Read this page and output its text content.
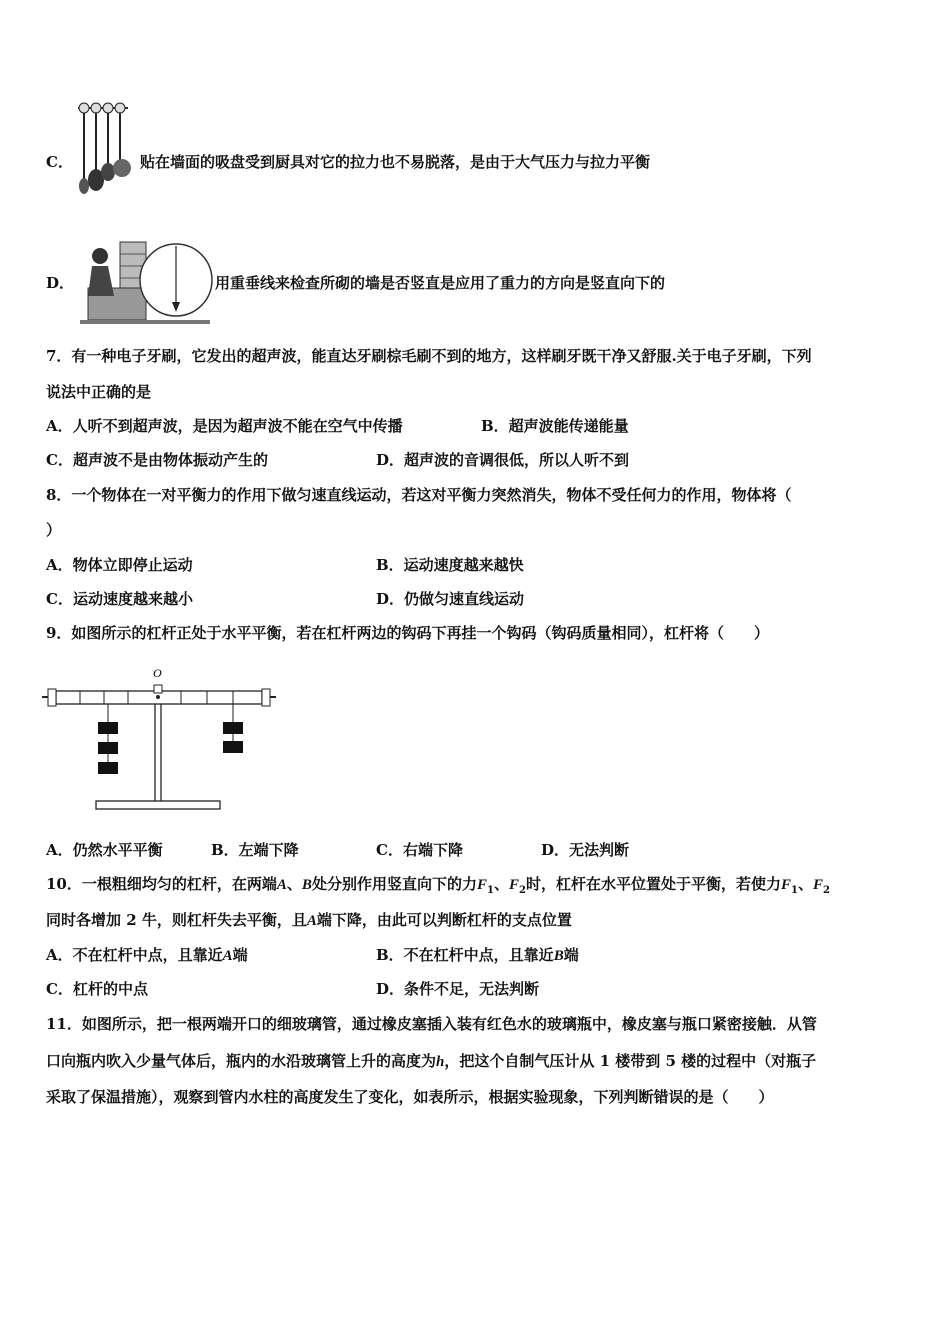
C．	贴在墙面的吸盘受到厨具对它的拉力也不易脱落，是由于大气压力与拉力平衡
D．	用重垂线来检查所砌的墙是否竖直是应用了重力的方向是竖直向下的
7．有一种电子牙刷，它发出的超声波，能直达牙刷棕毛刷不到的地方，这样刷牙既干净又舒服.关于电子牙刷，下列
说法中正确的是
A．人听不到超声波，是因为超声波不能在空气中传播	B．超声波能传递能量
C．超声波不是由物体振动产生的	D．超声波的音调很低，所以人听不到
8．一个物体在一对平衡力的作用下做匀速直线运动，若这对平衡力突然消失，物体不受任何力的作用，物体将（
）
A．物体立即停止运动	B．运动速度越来越快
C．运动速度越来越小	D．仍做匀速直线运动
9．如图所示的杠杆正处于水平平衡，若在杠杆两边的钩码下再挂一个钩码（钩码质量相同），杠杆将（　　）
O
A．仍然水平平衡	B．左端下降	C．右端下降	D．无法判断
10．一根粗细均匀的杠杆，在两端A、B处分别作用竖直向下的力$F_1$、$F_2$时，杠杆在水平位置处于平衡，若使力$F_1$、$F_2$
同时各增加 2 牛，则杠杆失去平衡，且A端下降，由此可以判断杠杆的支点位置
A．不在杠杆中点，且靠近A端	B．不在杠杆中点，且靠近B端
C．杠杆的中点	D．条件不足，无法判断
11．如图所示，把一根两端开口的细玻璃管，通过橡皮塞插入装有红色水的玻璃瓶中，橡皮塞与瓶口紧密接触．从管
口向瓶内吹入少量气体后，瓶内的水沿玻璃管上升的高度为h，把这个自制气压计从 1 楼带到 5 楼的过程中（对瓶子
采取了保温措施），观察到管内水柱的高度发生了变化，如表所示，根据实验现象，下列判断错误的是（　　）
